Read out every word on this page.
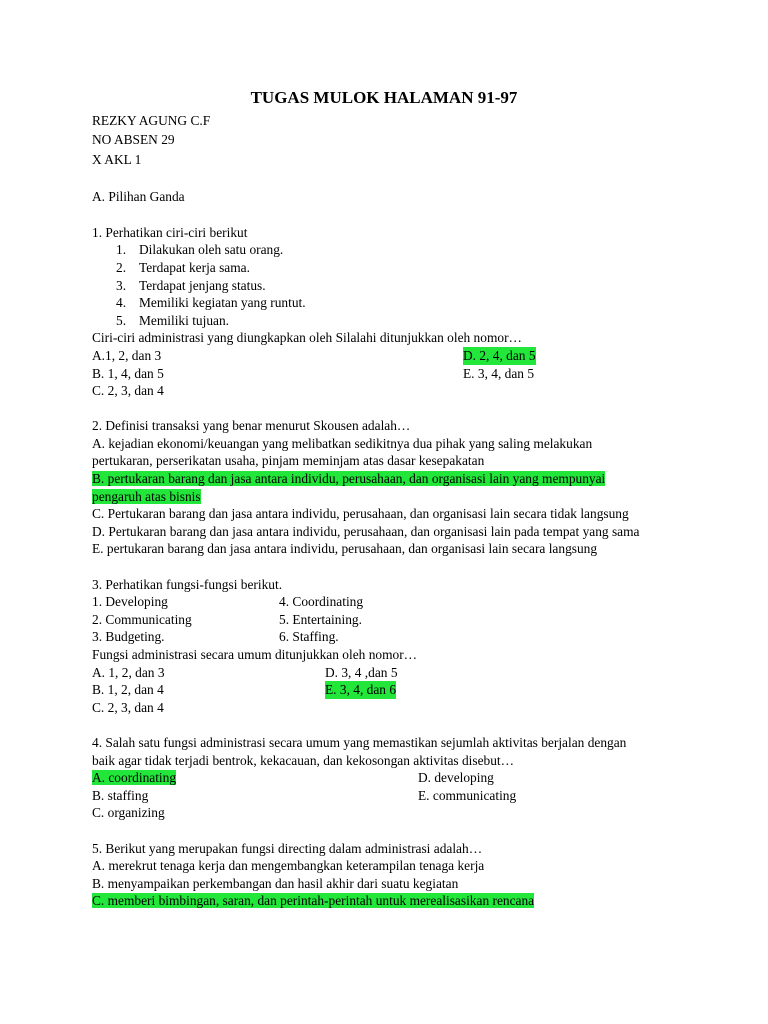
TUGAS MULOK HALAMAN 91-97
REZKY AGUNG C.F
NO ABSEN 29
X AKL 1
A. Pilihan Ganda
1. Perhatikan ciri-ciri berikut
1. Dilakukan oleh satu orang.
2. Terdapat kerja sama.
3. Terdapat jenjang status.
4. Memiliki kegiatan yang runtut.
5. Memiliki tujuan.
Ciri-ciri administrasi yang diungkapkan oleh Silalahi ditunjukkan oleh nomor…
A.1, 2, dan 3	D. 2, 4, dan 5
B. 1, 4, dan 5	E. 3, 4, dan 5
C. 2, 3, dan 4
2. Definisi transaksi yang benar menurut Skousen adalah…
A. kejadian ekonomi/keuangan yang melibatkan sedikitnya dua pihak yang saling melakukan
pertukaran, perserikatan usaha, pinjam meminjam atas dasar kesepakatan
B. pertukaran barang dan jasa antara individu, perusahaan, dan organisasi lain yang mempunyai
pengaruh atas bisnis
C. Pertukaran barang dan jasa antara individu, perusahaan, dan organisasi lain secara tidak langsung
D. Pertukaran barang dan jasa antara individu, perusahaan, dan organisasi lain pada tempat yang sama
E. pertukaran barang dan jasa antara individu, perusahaan, dan organisasi lain secara langsung
3. Perhatikan fungsi-fungsi berikut.
1. Developing	4. Coordinating
2. Communicating	5. Entertaining.
3. Budgeting.	6. Staffing.
Fungsi administrasi secara umum ditunjukkan oleh nomor…
A. 1, 2, dan 3	D. 3, 4 ,dan 5
B. 1, 2, dan 4	E. 3, 4, dan 6
C. 2, 3, dan 4
4. Salah satu fungsi administrasi secara umum yang memastikan sejumlah aktivitas berjalan dengan
baik agar tidak terjadi bentrok, kekacauan, dan kekosongan aktivitas disebut…
A. coordinating	D. developing
B. staffing	E. communicating
C. organizing
5. Berikut yang merupakan fungsi directing dalam administrasi adalah…
A. merekrut tenaga kerja dan mengembangkan keterampilan tenaga kerja
B. menyampaikan perkembangan dan hasil akhir dari suatu kegiatan
C. memberi bimbingan, saran, dan perintah-perintah untuk merealisasikan rencana
